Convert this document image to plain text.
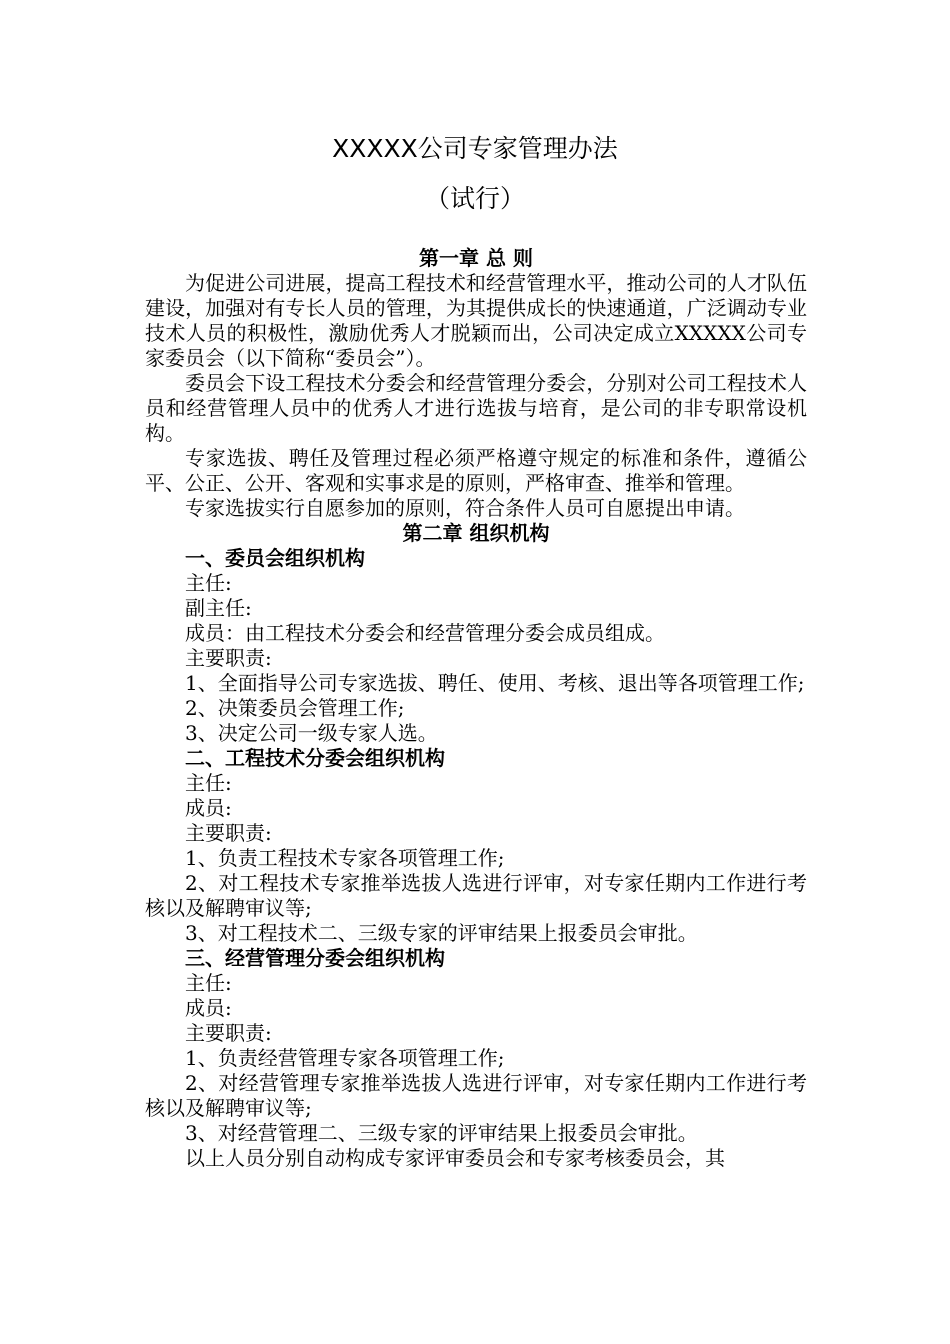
XXXXX公司专家管理办法
（试行）

第一章 总 则

为促进公司进展，提高工程技术和经营管理水平，推动公司的人才队伍建设，加强对有专长人员的管理，为其提供成长的快速通道，广泛调动专业技术人员的积极性，激励优秀人才脱颖而出，公司决定成立XXXXX公司专家委员会（以下简称“委员会”）。

委员会下设工程技术分委会和经营管理分委会，分别对公司工程技术人员和经营管理人员中的优秀人才进行选拔与培育，是公司的非专职常设机构。

专家选拔、聘任及管理过程必须严格遵守规定的标准和条件，遵循公平、公正、公开、客观和实事求是的原则，严格审查、推举和管理。

专家选拔实行自愿参加的原则，符合条件人员可自愿提出申请。

第二章 组织机构

一、委员会组织机构

主任:

副主任:

成员：由工程技术分委会和经营管理分委会成员组成。

主要职责:

1、全面指导公司专家选拔、聘任、使用、考核、退出等各项管理工作;

2、决策委员会管理工作;

3、决定公司一级专家人选。

二、工程技术分委会组织机构

主任:

成员:

主要职责:

1、负责工程技术专家各项管理工作;

2、对工程技术专家推举选拔人选进行评审，对专家任期内工作进行考核以及解聘审议等;

3、对工程技术二、三级专家的评审结果上报委员会审批。

三、经营管理分委会组织机构

主任:

成员:

主要职责:

1、负责经营管理专家各项管理工作;

2、对经营管理专家推举选拔人选进行评审，对专家任期内工作进行考核以及解聘审议等;

3、对经营管理二、三级专家的评审结果上报委员会审批。

以上人员分别自动构成专家评审委员会和专家考核委员会，其
